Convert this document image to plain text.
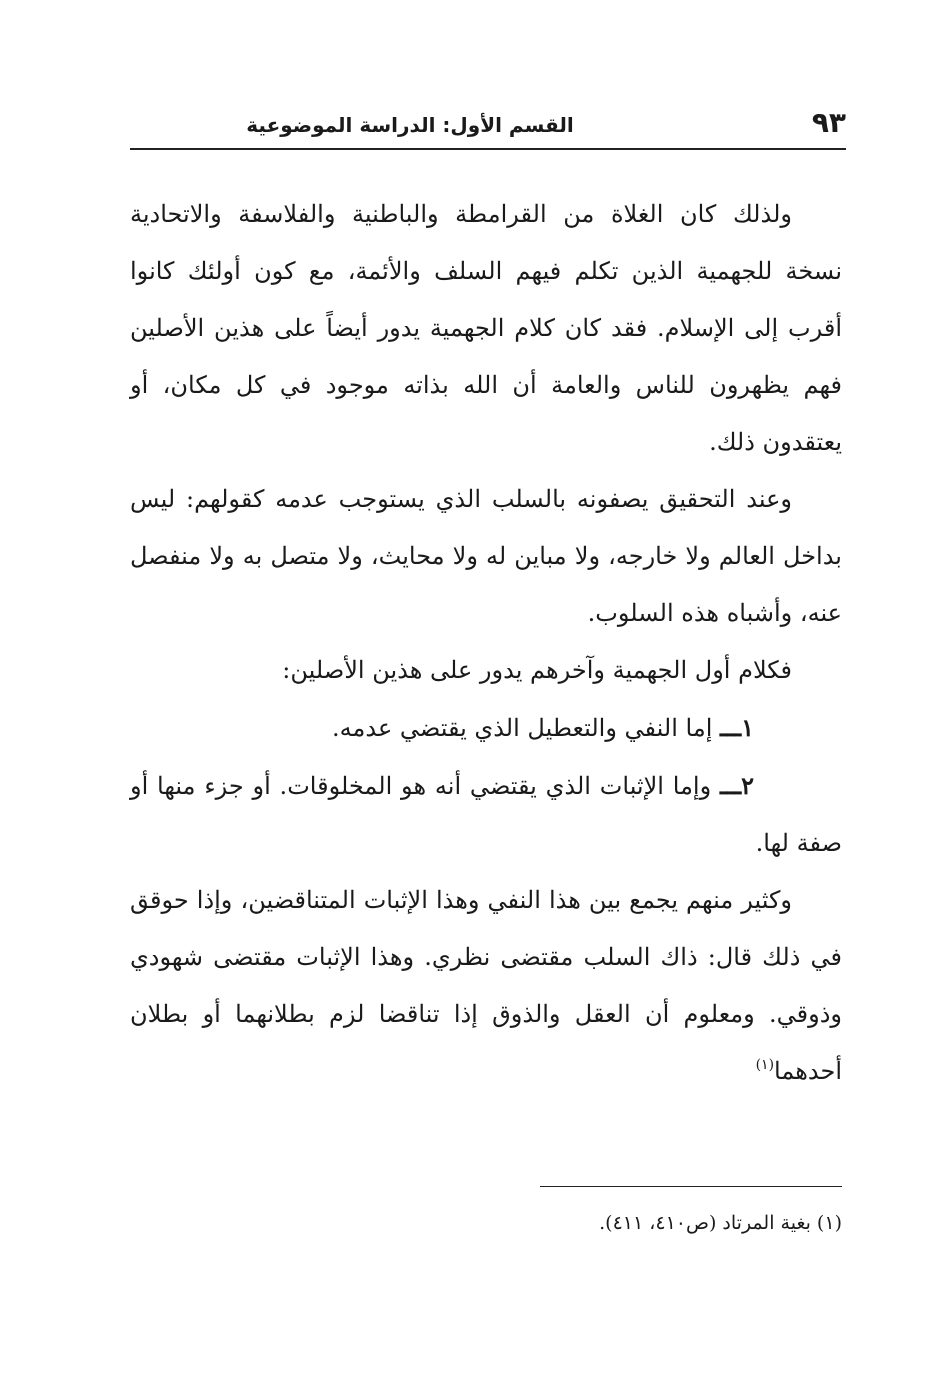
٩٣
القسم الأول: الدراسة الموضوعية

ولذلك كان الغلاة من القرامطة والباطنية والفلاسفة والاتحادية نسخة للجهمية الذين تكلم فيهم السلف والأئمة، مع كون أولئك كانوا أقرب إلى الإسلام. فقد كان كلام الجهمية يدور أيضاً على هذين الأصلين فهم يظهرون للناس والعامة أن الله بذاته موجود في كل مكان، أو يعتقدون ذلك.

وعند التحقيق يصفونه بالسلب الذي يستوجب عدمه كقولهم: ليس بداخل العالم ولا خارجه، ولا مباين له ولا محايث، ولا متصل به ولا منفصل عنه، وأشباه هذه السلوب.

فكلام أول الجهمية وآخرهم يدور على هذين الأصلين:

١ـــ إما النفي والتعطيل الذي يقتضي عدمه.

٢ـــ وإما الإثبات الذي يقتضي أنه هو المخلوقات. أو جزء منها أو صفة لها.

وكثير منهم يجمع بين هذا النفي وهذا الإثبات المتناقضين، وإذا حوقق في ذلك قال: ذاك السلب مقتضى نظري. وهذا الإثبات مقتضى شهودي وذوقي. ومعلوم أن العقل والذوق إذا تناقضا لزم بطلانهما أو بطلان أحدهما$^{(١)}$

(١) بغية المرتاد (ص٤١٠، ٤١١).
